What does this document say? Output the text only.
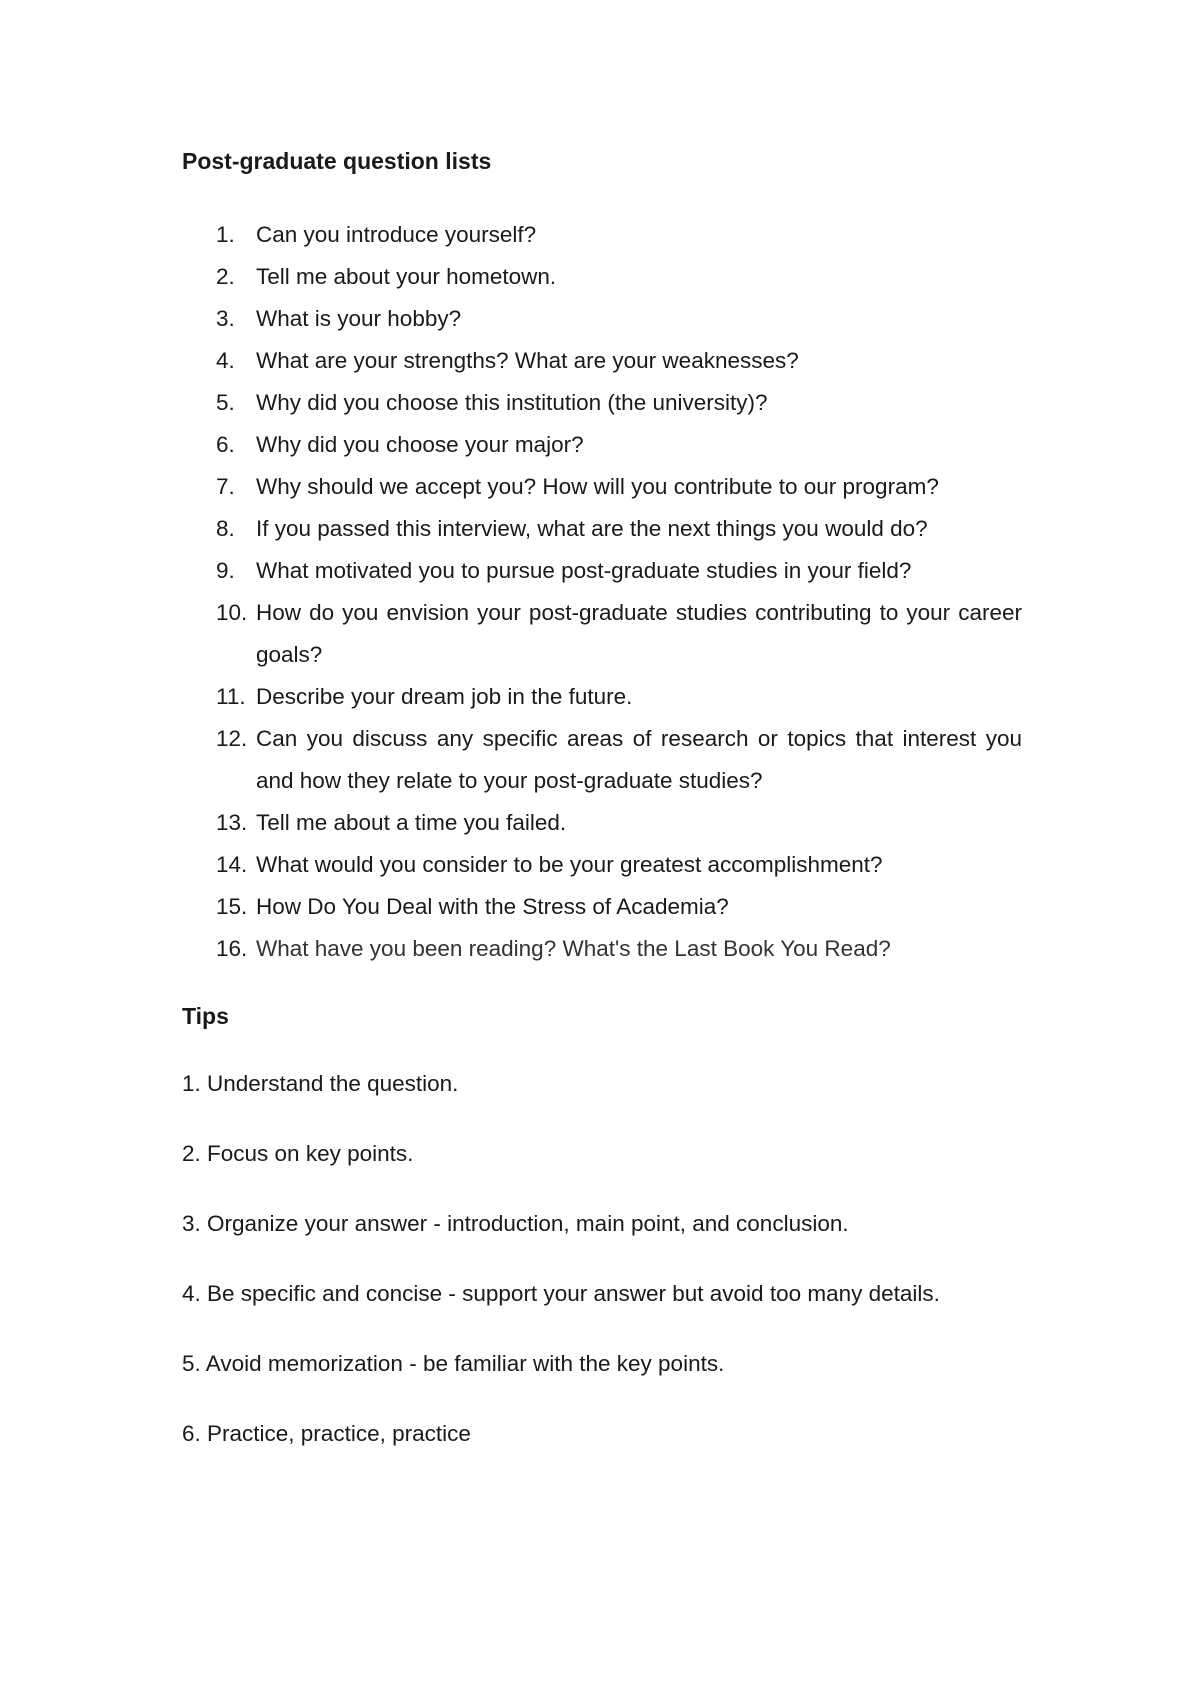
Post-graduate question lists
1. Can you introduce yourself?
2. Tell me about your hometown.
3. What is your hobby?
4. What are your strengths? What are your weaknesses?
5. Why did you choose this institution (the university)?
6. Why did you choose your major?
7. Why should we accept you? How will you contribute to our program?
8. If you passed this interview, what are the next things you would do?
9. What motivated you to pursue post-graduate studies in your field?
10. How do you envision your post-graduate studies contributing to your career goals?
11. Describe your dream job in the future.
12. Can you discuss any specific areas of research or topics that interest you and how they relate to your post-graduate studies?
13. Tell me about a time you failed.
14. What would you consider to be your greatest accomplishment?
15. How Do You Deal with the Stress of Academia?
16. What have you been reading? What's the Last Book You Read?
Tips
1. Understand the question.
2. Focus on key points.
3. Organize your answer - introduction, main point, and conclusion.
4. Be specific and concise - support your answer but avoid too many details.
5. Avoid memorization - be familiar with the key points.
6. Practice, practice, practice
